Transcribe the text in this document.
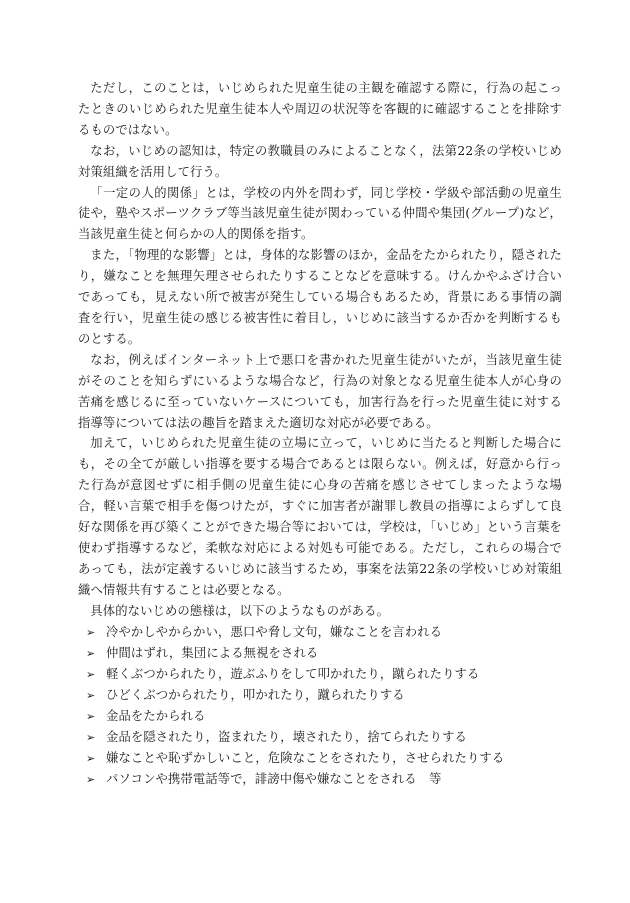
ただし，このことは，いじめられた児童生徒の主観を確認する際に，行為の起こったときのいじめられた児童生徒本人や周辺の状況等を客観的に確認することを排除するものではない。

なお，いじめの認知は，特定の教職員のみによることなく，法第22条の学校いじめ対策組織を活用して行う。

「一定の人的関係」とは，学校の内外を問わず，同じ学校・学級や部活動の児童生徒や，塾やスポーツクラブ等当該児童生徒が関わっている仲間や集団(グループ)など，当該児童生徒と何らかの人的関係を指す。

また，「物理的な影響」とは，身体的な影響のほか，金品をたかられたり，隠されたり，嫌なことを無理矢理させられたりすることなどを意味する。けんかやふざけ合いであっても，見えない所で被害が発生している場合もあるため，背景にある事情の調査を行い，児童生徒の感じる被害性に着目し，いじめに該当するか否かを判断するものとする。

なお，例えばインターネット上で悪口を書かれた児童生徒がいたが，当該児童生徒がそのことを知らずにいるような場合など，行為の対象となる児童生徒本人が心身の苦痛を感じるに至っていないケースについても，加害行為を行った児童生徒に対する指導等については法の趣旨を踏まえた適切な対応が必要である。

加えて，いじめられた児童生徒の立場に立って，いじめに当たると判断した場合にも，その全てが厳しい指導を要する場合であるとは限らない。例えば，好意から行った行為が意図せずに相手側の児童生徒に心身の苦痛を感じさせてしまったような場合，軽い言葉で相手を傷つけたが，すぐに加害者が謝罪し教員の指導によらずして良好な関係を再び築くことができた場合等においては，学校は，「いじめ」という言葉を使わず指導するなど，柔軟な対応による対処も可能である。ただし，これらの場合であっても，法が定義するいじめに該当するため，事案を法第22条の学校いじめ対策組織へ情報共有することは必要となる。

具体的ないじめの態様は，以下のようなものがある。

➢ 冷やかしやからかい，悪口や脅し文句，嫌なことを言われる
➢ 仲間はずれ，集団による無視をされる
➢ 軽くぶつかられたり，遊ぶふりをして叩かれたり，蹴られたりする
➢ ひどくぶつかられたり，叩かれたり，蹴られたりする
➢ 金品をたかられる
➢ 金品を隠されたり，盗まれたり，壊されたり，捨てられたりする
➢ 嫌なことや恥ずかしいこと，危険なことをされたり，させられたりする
➢ パソコンや携帯電話等で，誹謗中傷や嫌なことをされる　等
